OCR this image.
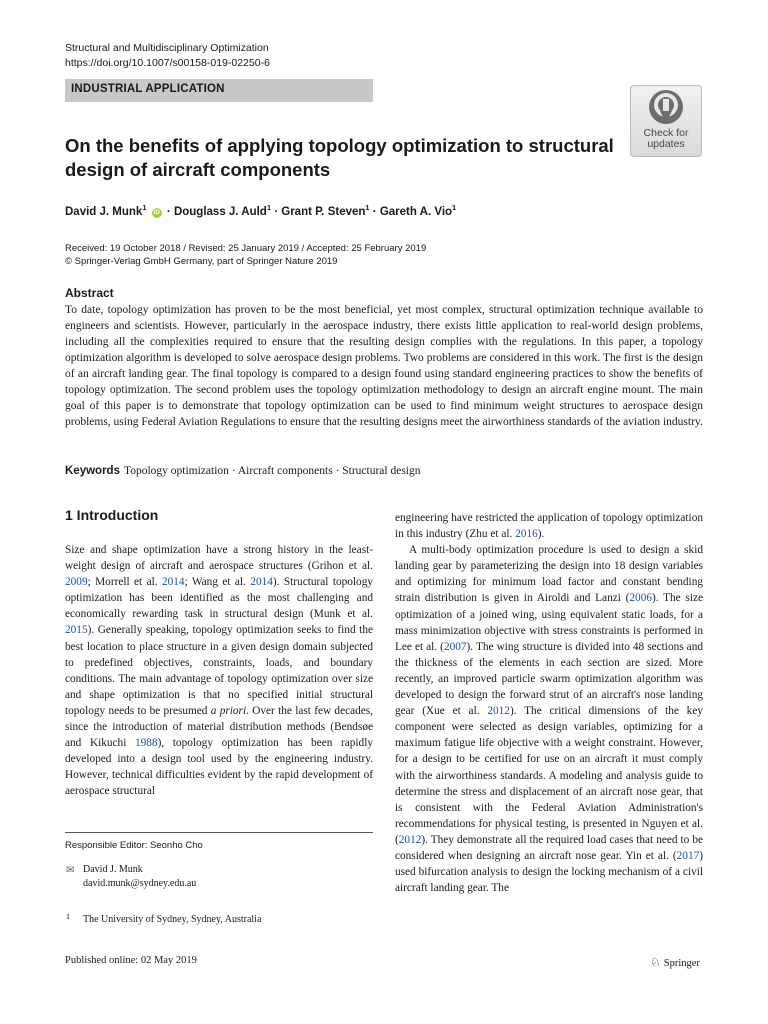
Structural and Multidisciplinary Optimization
https://doi.org/10.1007/s00158-019-02250-6
INDUSTRIAL APPLICATION
Check for
updates
On the benefits of applying topology optimization to structural design of aircraft components
David J. Munk$^1$ iD · Douglass J. Auld$^1$ · Grant P. Steven$^1$ · Gareth A. Vio$^1$
Received: 19 October 2018 / Revised: 25 January 2019 / Accepted: 25 February 2019
© Springer-Verlag GmbH Germany, part of Springer Nature 2019
Abstract
To date, topology optimization has proven to be the most beneficial, yet most complex, structural optimization technique available to engineers and scientists. However, particularly in the aerospace industry, there exists little application to real-world design problems, including all the complexities required to ensure that the resulting design complies with the regulations. In this paper, a topology optimization algorithm is developed to solve aerospace design problems. Two problems are considered in this work. The first is the design of an aircraft landing gear. The final topology is compared to a design found using standard engineering practices to show the benefits of topology optimization. The second problem uses the topology optimization methodology to design an aircraft engine mount. The main goal of this paper is to demonstrate that topology optimization can be used to find minimum weight structures to aerospace design problems, using Federal Aviation Regulations to ensure that the resulting designs meet the airworthiness standards of the aviation industry.
Keywords Topology optimization · Aircraft components · Structural design
1 Introduction
Size and shape optimization have a strong history in the least-weight design of aircraft and aerospace structures (Grihon et al. 2009; Morrell et al. 2014; Wang et al. 2014). Structural topology optimization has been identified as the most challenging and economically rewarding task in structural design (Munk et al. 2015). Generally speaking, topology optimization seeks to find the best location to place structure in a given design domain subjected to predefined objectives, constraints, loads, and boundary conditions. The main advantage of topology optimization over size and shape optimization is that no specified initial structural topology needs to be presumed a priori. Over the last few decades, since the introduction of material distribution methods (Bendsøe and Kikuchi 1988), topology optimization has been rapidly developed into a design tool used by the engineering industry. However, technical difficulties evident by the rapid development of aerospace structural

engineering have restricted the application of topology optimization in this industry (Zhu et al. 2016).

A multi-body optimization procedure is used to design a skid landing gear by parameterizing the design into 18 design variables and optimizing for minimum load factor and constant bending strain distribution is given in Airoldi and Lanzi (2006). The size optimization of a joined wing, using equivalent static loads, for a mass minimization objective with stress constraints is performed in Lee et al. (2007). The wing structure is divided into 48 sections and the thickness of the elements in each section are sized. More recently, an improved particle swarm optimization algorithm was developed to design the forward strut of an aircraft's nose landing gear (Xue et al. 2012). The critical dimensions of the key component were selected as design variables, optimizing for a maximum fatigue life objective with a weight constraint. However, for a design to be certified for use on an aircraft it must comply with the airworthiness standards. A modeling and analysis guide to determine the stress and displacement of an aircraft nose gear, that is consistent with the Federal Aviation Administration's recommendations for physical testing, is presented in Nguyen et al. (2012). They demonstrate all the required load cases that need to be considered when designing an aircraft nose gear. Yin et al. (2017) used bifurcation analysis to design the locking mechanism of a civil aircraft landing gear. The

Responsible Editor: Seonho Cho
✉ David J. Munk
david.munk@sydney.edu.au
1 The University of Sydney, Sydney, Australia
Published online: 02 May 2019	♘ Springer
